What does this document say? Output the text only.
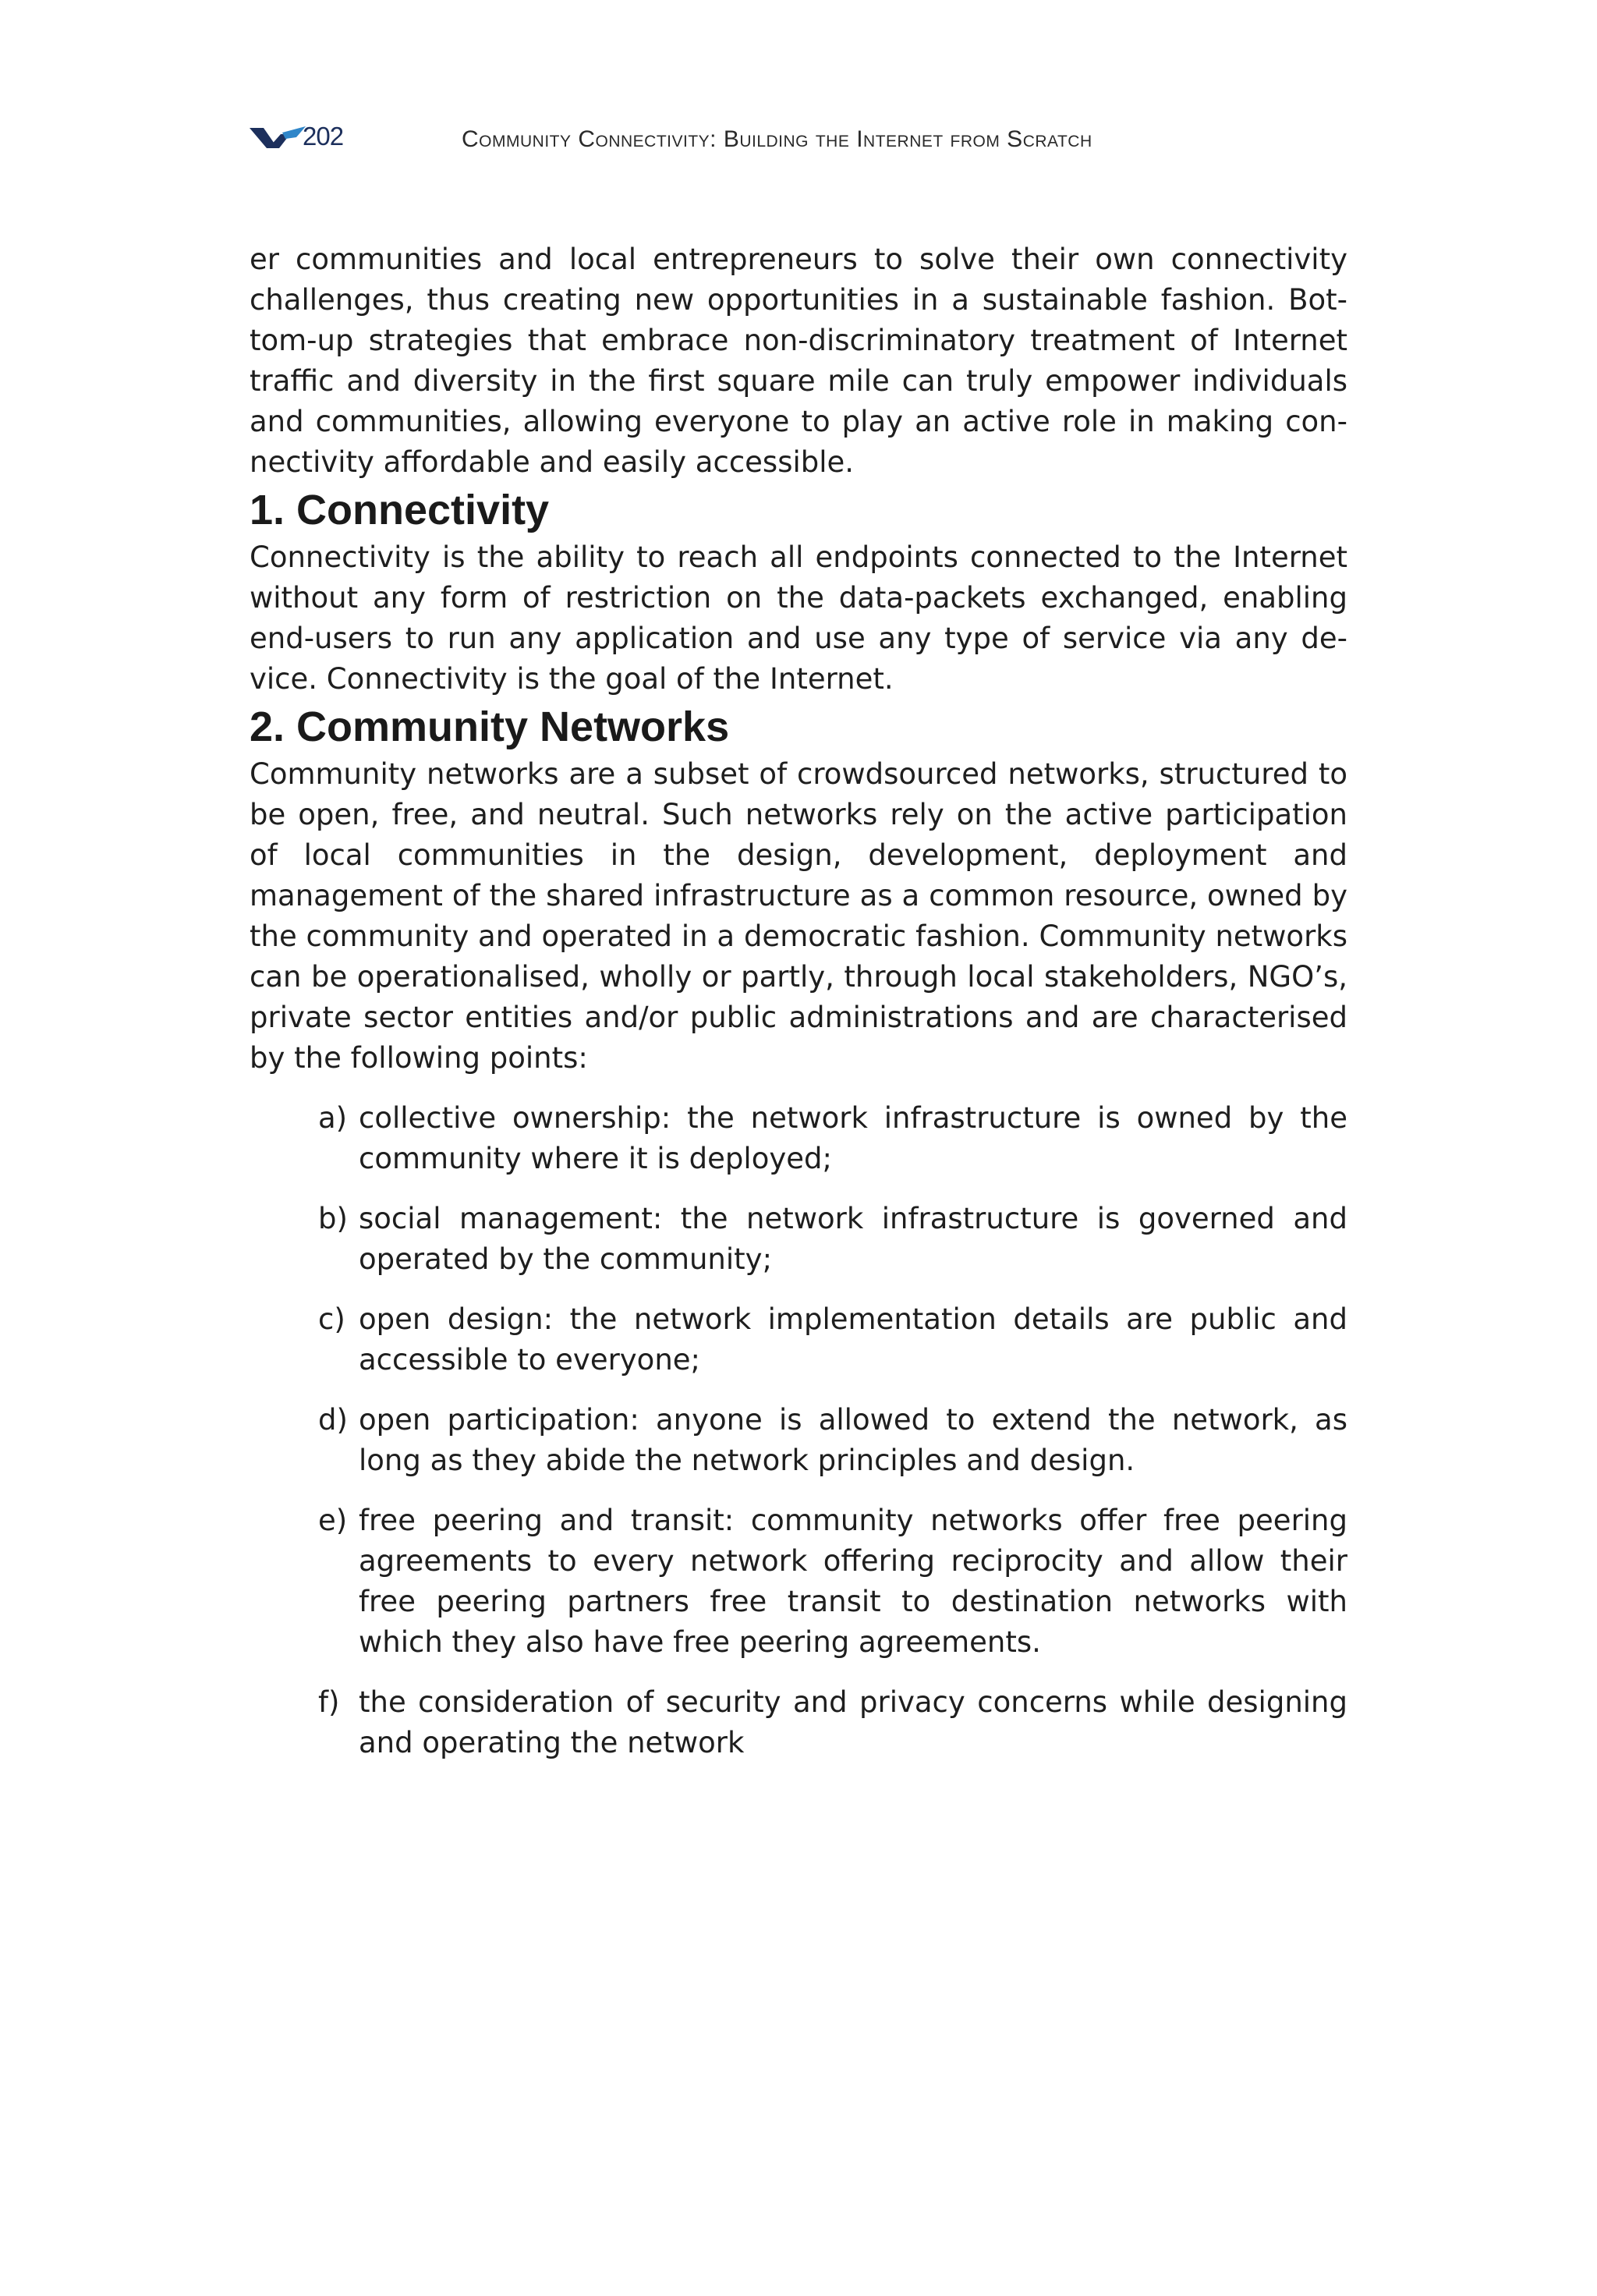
202	Community Connectivity: Building the Internet from Scratch

er communities and local entrepreneurs to solve their own connectivity challenges, thus creating new opportunities in a sustainable fashion. Bottom-up strategies that embrace non-discriminatory treatment of Internet traffic and diversity in the first square mile can truly empower individuals and communities, allowing everyone to play an active role in making connectivity affordable and easily accessible.

1. Connectivity

Connectivity is the ability to reach all endpoints connected to the Internet without any form of restriction on the data-packets exchanged, enabling end-users to run any application and use any type of service via any device. Connectivity is the goal of the Internet.

2. Community Networks

Community networks are a subset of crowdsourced networks, structured to be open, free, and neutral. Such networks rely on the active participation of local communities in the design, development, deployment and management of the shared infrastructure as a common resource, owned by the community and operated in a democratic fashion. Community networks can be operationalised, wholly or partly, through local stakeholders, NGO’s, private sector entities and/or public administrations and are characterised by the following points:

a) collective ownership: the network infrastructure is owned by the community where it is deployed;
b) social management: the network infrastructure is governed and operated by the community;
c) open design: the network implementation details are public and accessible to everyone;
d) open participation: anyone is allowed to extend the network, as long as they abide the network principles and design.
e) free peering and transit: community networks offer free peering agreements to every network offering reciprocity and allow their free peering partners free transit to destination networks with which they also have free peering agreements.
f) the consideration of security and privacy concerns while designing and operating the network
